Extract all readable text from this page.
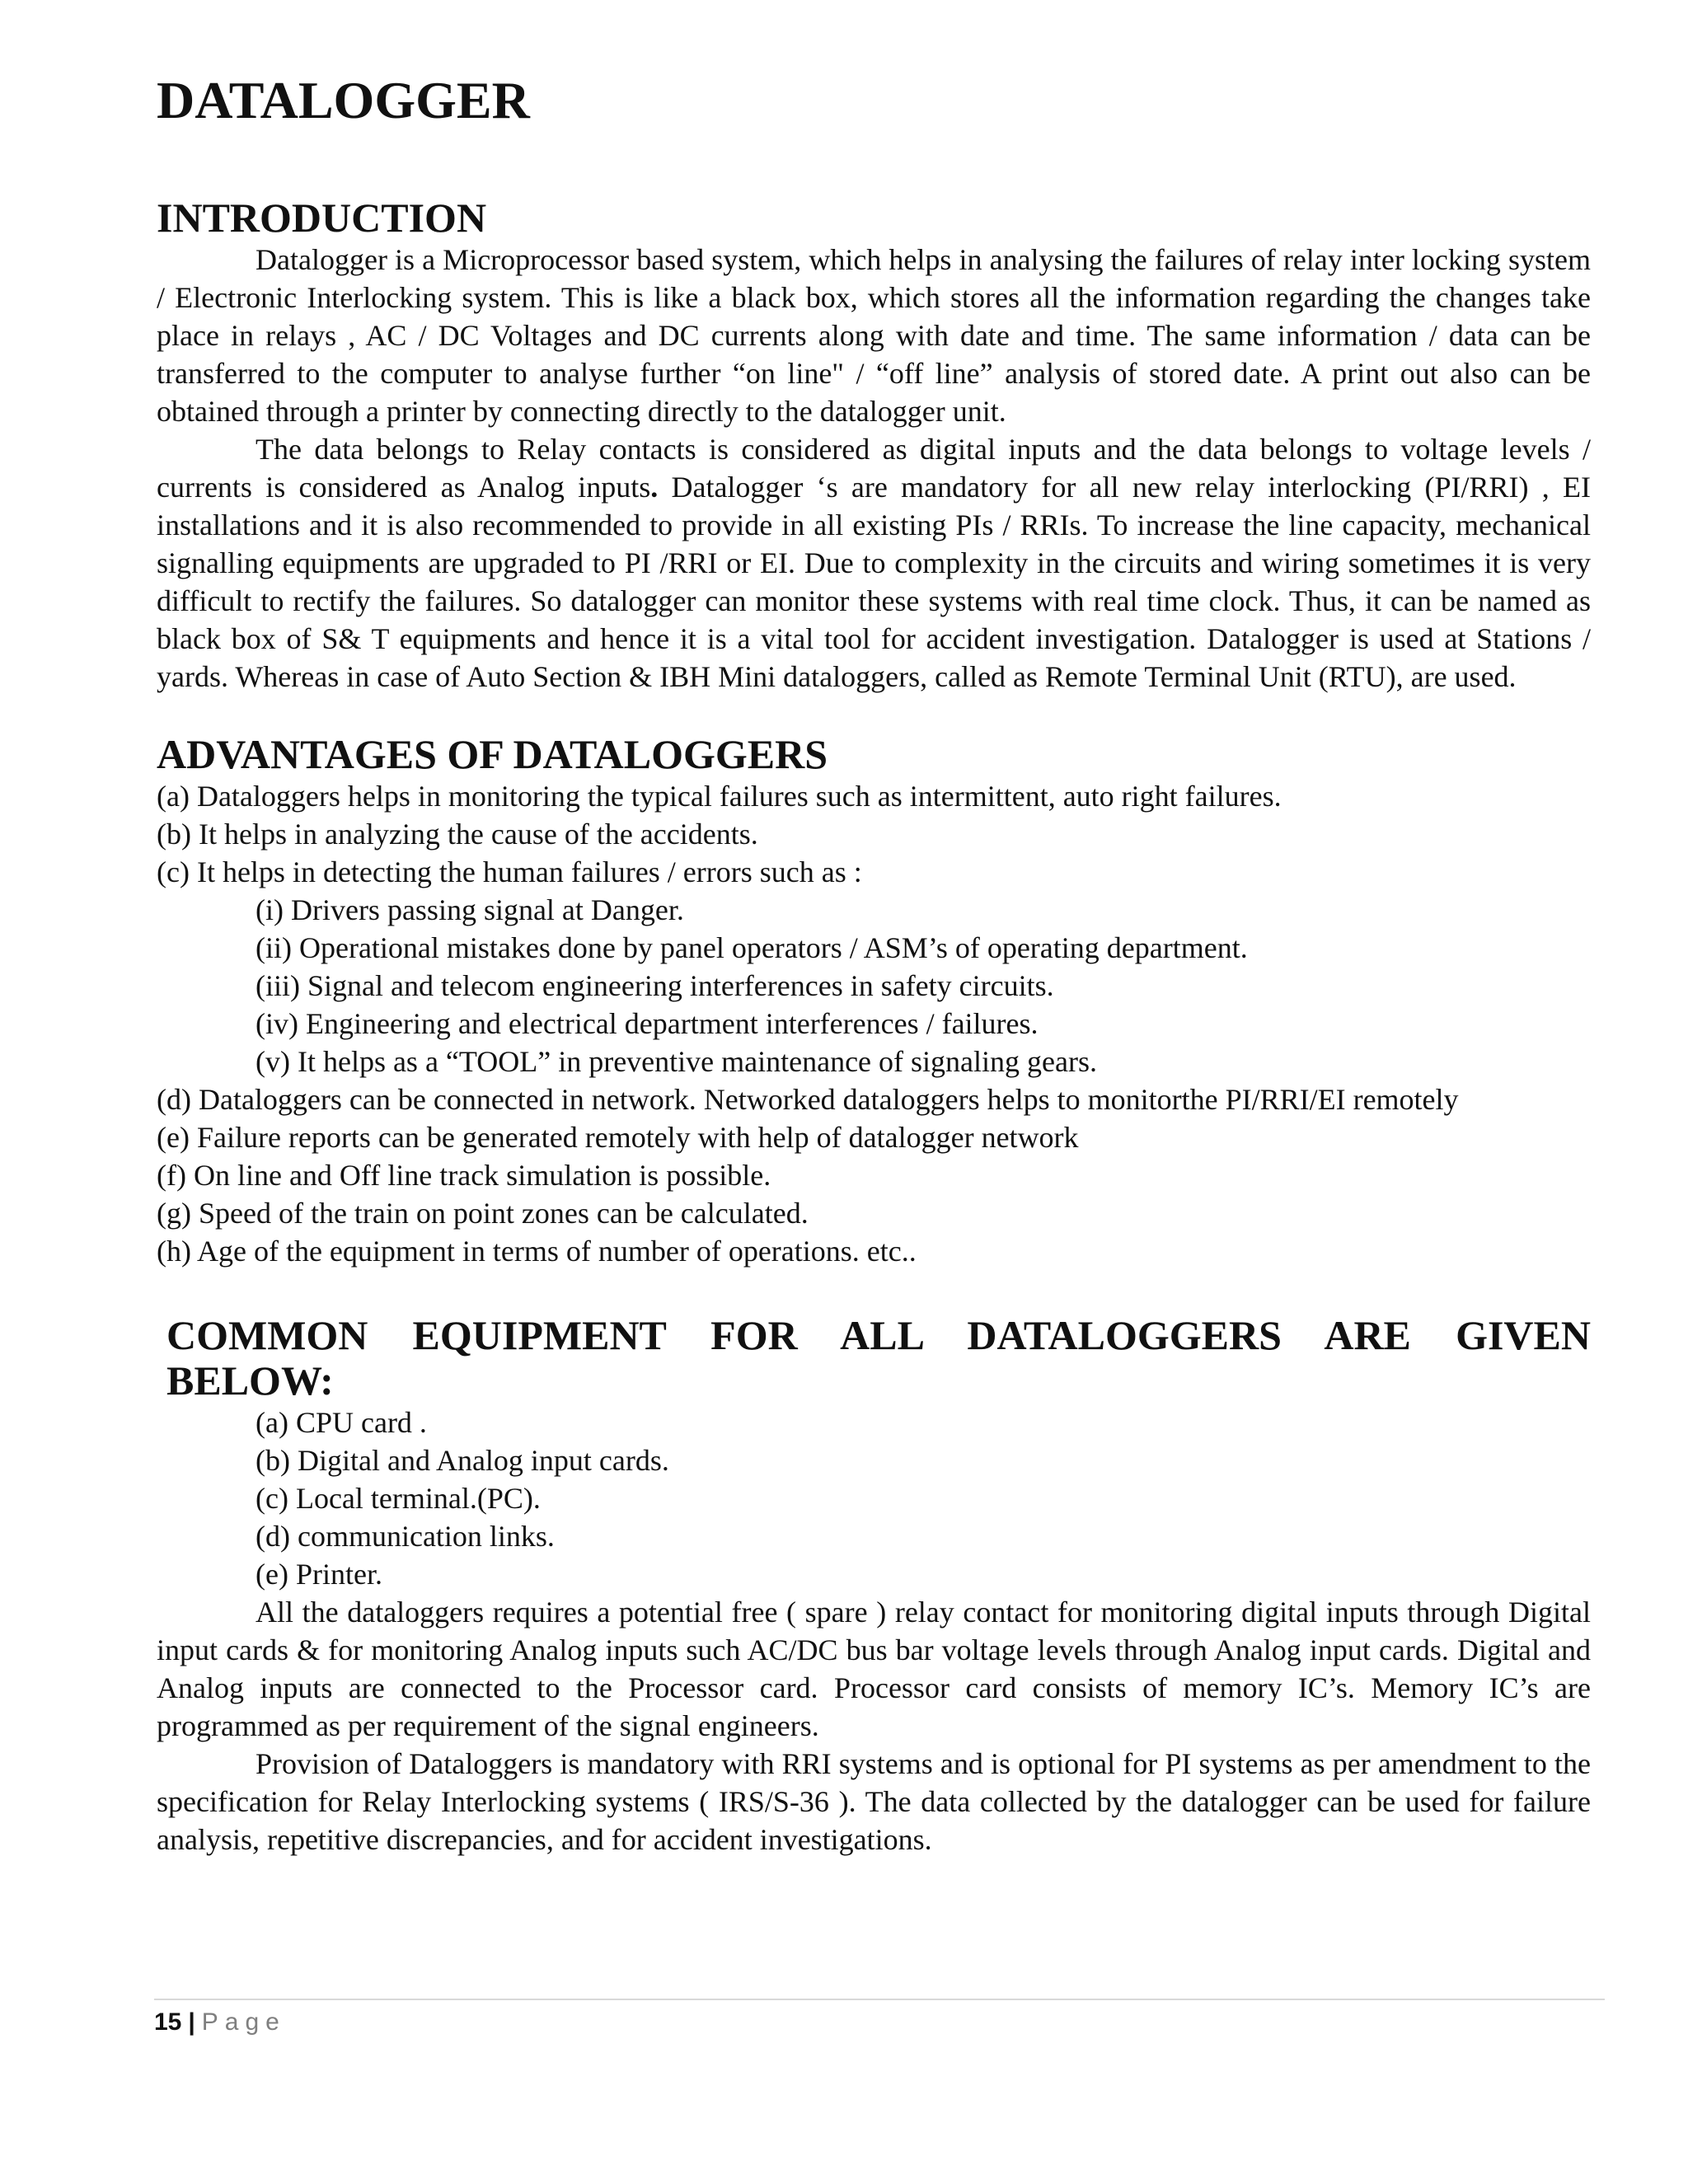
DATALOGGER
INTRODUCTION

Datalogger is a Microprocessor based system, which helps in analysing the failures of relay inter locking system / Electronic Interlocking system. This is like a black box, which stores all the information regarding the changes take place in relays , AC / DC Voltages and DC currents along with date and time. The same information / data can be transferred to the computer to analyse further “on line" / “off line” analysis of stored date. A print out also can be obtained through a printer by connecting directly to the datalogger unit.

The data belongs to Relay contacts is considered as digital inputs and the data belongs to voltage levels / currents is considered as Analog inputs. Datalogger ‘s are mandatory for all new relay interlocking (PI/RRI) , EI installations and it is also recommended to provide in all existing PIs / RRIs. To increase the line capacity, mechanical signalling equipments are upgraded to PI /RRI or EI. Due to complexity in the circuits and wiring sometimes it is very difficult to rectify the failures. So datalogger can monitor these systems with real time clock. Thus, it can be named as black box of S& T equipments and hence it is a vital tool for accident investigation. Datalogger is used at Stations / yards. Whereas in case of Auto Section & IBH Mini dataloggers, called as Remote Terminal Unit (RTU), are used.

ADVANTAGES OF DATALOGGERS
(a) Dataloggers helps in monitoring the typical failures such as intermittent, auto right failures.
(b) It helps in analyzing the cause of the accidents.
(c) It helps in detecting the human failures / errors such as :
(i) Drivers passing signal at Danger.
(ii) Operational mistakes done by panel operators / ASM’s of operating department.
(iii) Signal and telecom engineering interferences in safety circuits.
(iv) Engineering and electrical department interferences / failures.
(v) It helps as a “TOOL” in preventive maintenance of signaling gears.
(d) Dataloggers can be connected in network. Networked dataloggers helps to monitorthe PI/RRI/EI remotely
(e) Failure reports can be generated remotely with help of datalogger network
(f) On line and Off line track simulation is possible.
(g) Speed of the train on point zones can be calculated.
(h) Age of the equipment in terms of number of operations. etc..
COMMON EQUIPMENT FOR ALL DATALOGGERS ARE GIVEN
BELOW:
(a) CPU card .
(b) Digital and Analog input cards.
(c) Local terminal.(PC).
(d) communication links.
(e) Printer.

All the dataloggers requires a potential free ( spare ) relay contact for monitoring digital inputs through Digital input cards & for monitoring Analog inputs such AC/DC bus bar voltage levels through Analog input cards. Digital and Analog inputs are connected to the Processor card. Processor card consists of memory IC’s. Memory IC’s are programmed as per requirement of the signal engineers.

Provision of Dataloggers is mandatory with RRI systems and is optional for PI systems as per amendment to the specification for Relay Interlocking systems ( IRS/S-36 ). The data collected by the datalogger can be used for failure analysis, repetitive discrepancies, and for accident investigations.

15 | Page
